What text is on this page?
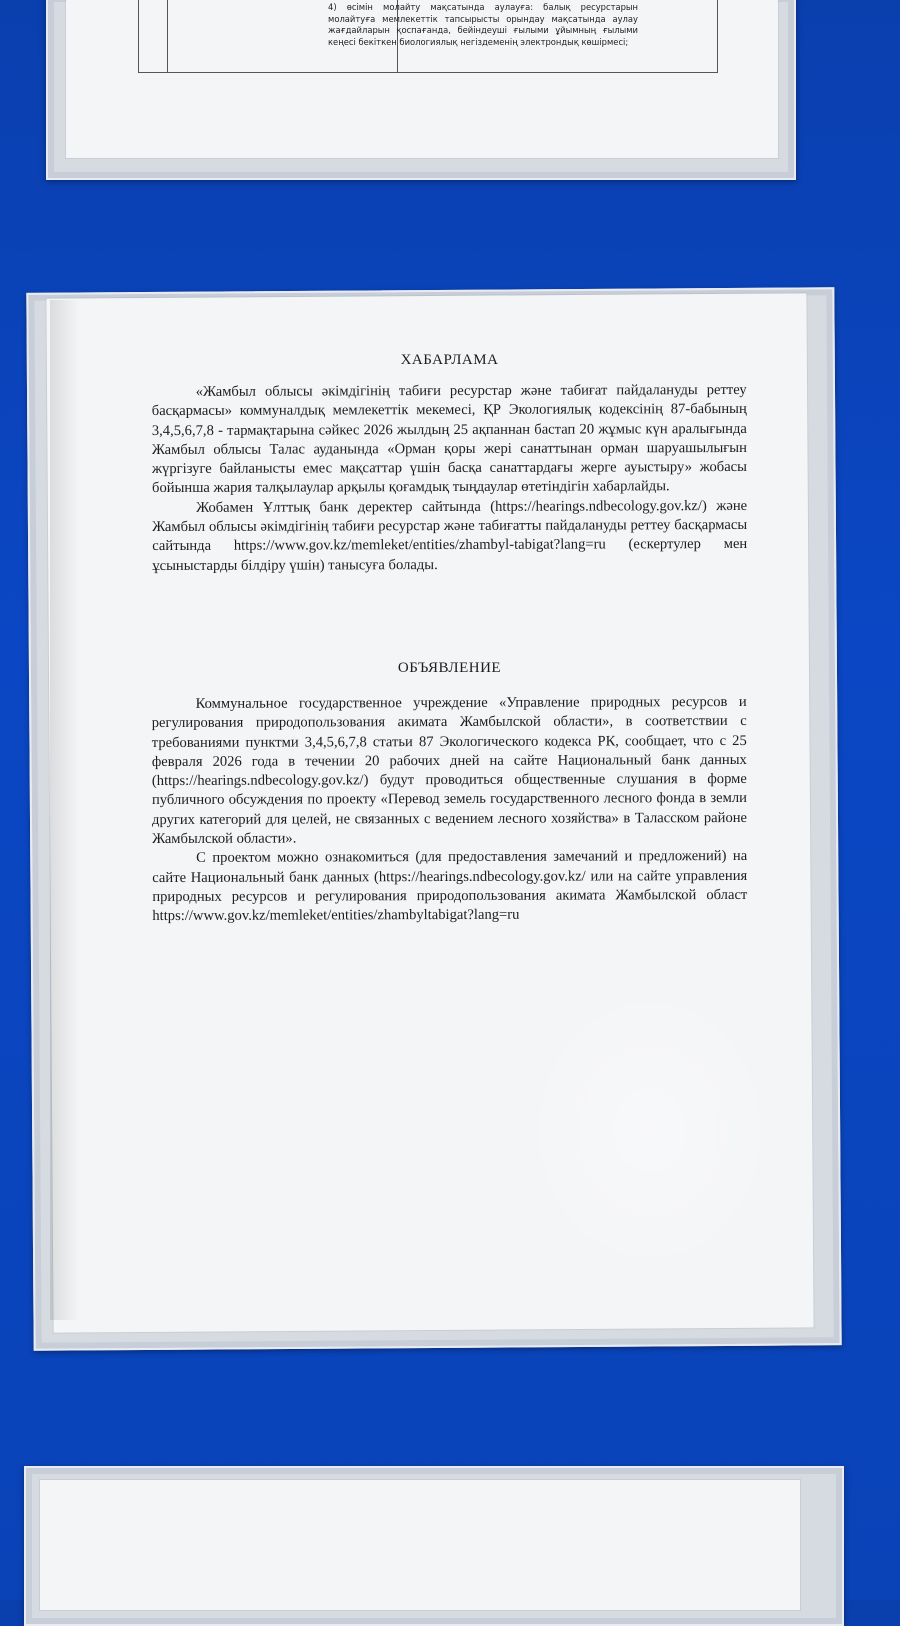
4) өсімін молайту мақсатында аулауға: балық ресурстарын молайтуға мемлекеттік тапсырысты орындау мақсатында аулау жағдайларын қоспағанда, бейіндеуші ғылыми ұйымның ғылыми кеңесі бекіткен биологиялық негіздеменің электрондық көшірмесі;
ХАБАРЛАМА

«Жамбыл облысы әкімдігінің табиғи ресурстар және табиғат пайдалануды реттеу басқармасы» коммуналдық мемлекеттік мекемесі, ҚР Экологиялық кодексінің 87-бабының 3,4,5,6,7,8 - тармақтарына сәйкес 2026 жылдың 25 ақпаннан бастап 20 жұмыс күн аралығында Жамбыл облысы Талас ауданында «Орман қоры жері санаттынан орман шаруашылығын жүргізуге байланысты емес мақсаттар үшін басқа санаттардағы жерге ауыстыру» жобасы бойынша жария талқылаулар арқылы қоғамдық тыңдаулар өтетіндігін хабарлайды.

Жобамен Ұлттық банк деректер сайтында (https://hearings.ndbecology.gov.kz/) және Жамбыл облысы әкімдігінің табиғи ресурстар және табиғатты пайдалануды реттеу басқармасы сайтында https://www.gov.kz/memleket/entities/zhambyl-tabigat?lang=ru (ескертулер мен ұсыныстарды білдіру үшін) танысуға болады.

ОБЪЯВЛЕНИЕ

Коммунальное государственное учреждение «Управление природных ресурсов и регулирования природопользования акимата Жамбылской области», в соответствии с требованиями пунктми 3,4,5,6,7,8 статьи 87 Экологического кодекса РК, сообщает, что с 25 февраля 2026 года в течении 20 рабочих дней на сайте Национальный банк данных (https://hearings.ndbecology.gov.kz/) будут проводиться общественные слушания в форме публичного обсуждения по проекту «Перевод земель государственного лесного фонда в земли других категорий для целей, не связанных с ведением лесного хозяйства» в Таласском районе Жамбылской области».

С проектом можно ознакомиться (для предоставления замечаний и предложений) на сайте Национальный банк данных (https://hearings.ndbecology.gov.kz/ или на сайте управления природных ресурсов и регулирования природопользования акимата Жамбылской област https://www.gov.kz/memleket/entities/zhambyltabigat?lang=ru
